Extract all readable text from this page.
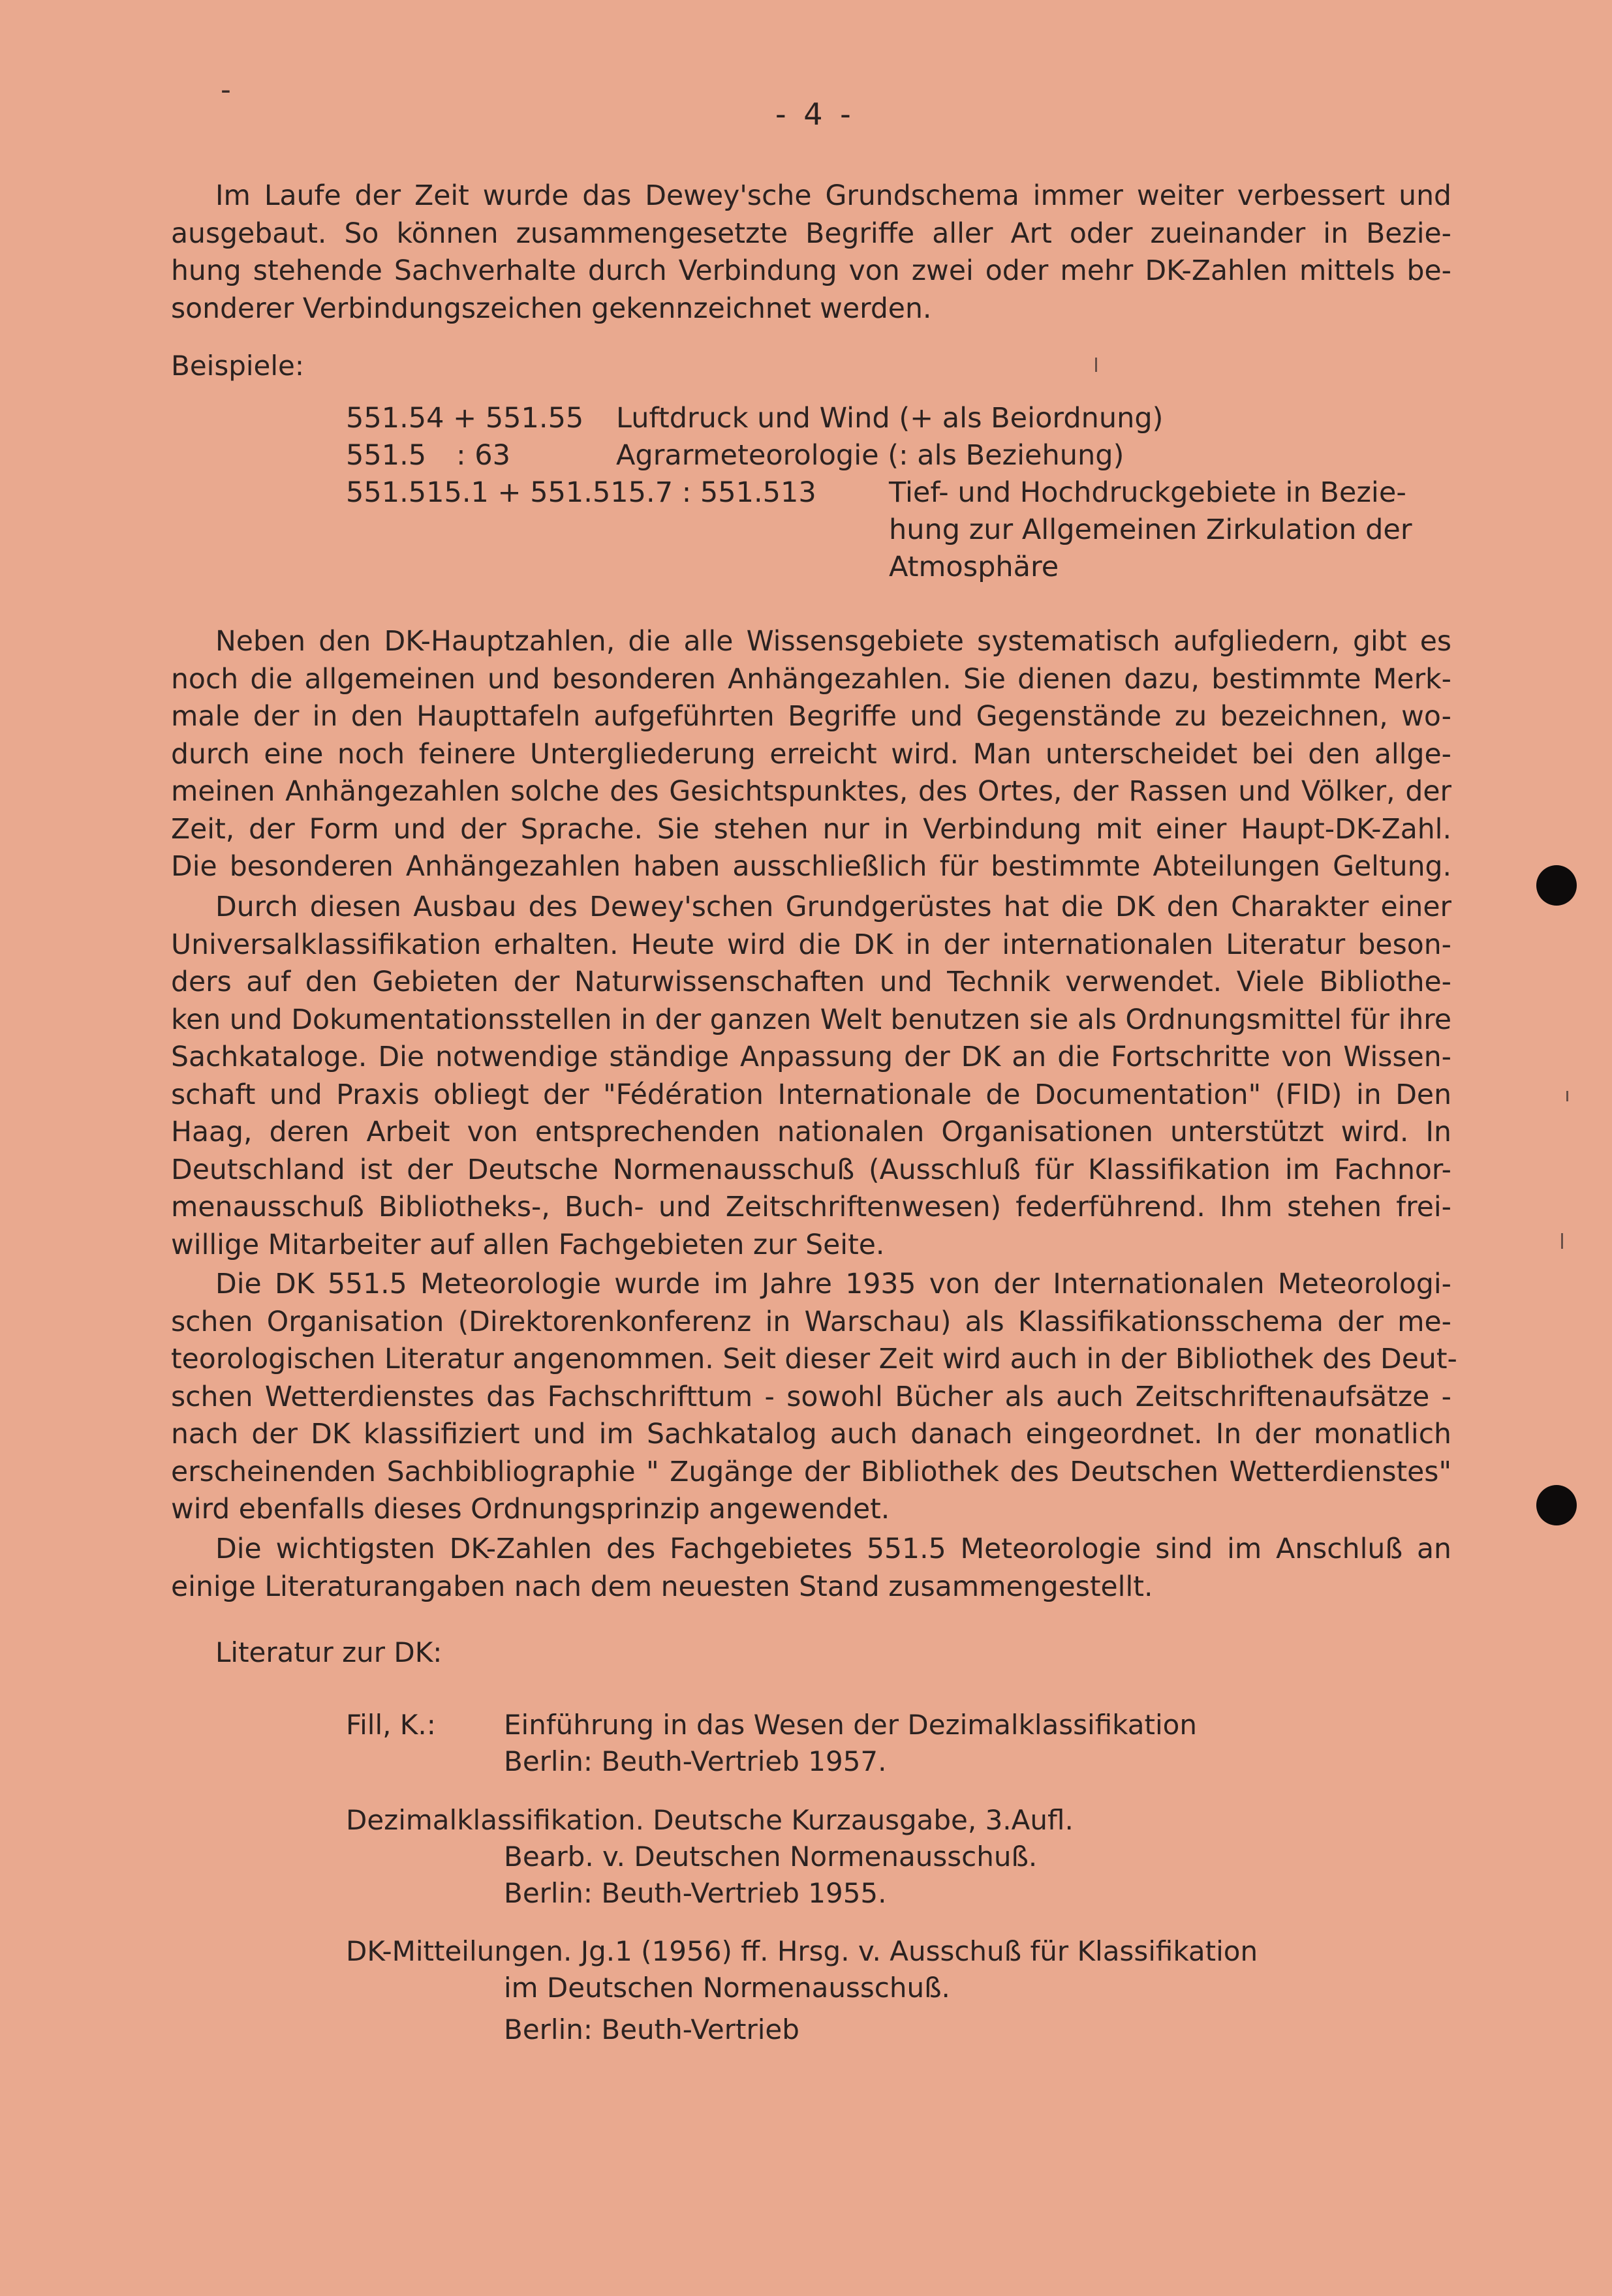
-
- 4 -
Im Laufe der Zeit wurde das Dewey'sche Grundschema immer weiter verbessert und
ausgebaut. So können zusammengesetzte Begriffe aller Art oder zueinander in Bezie-
hung stehende Sachverhalte durch Verbindung von zwei oder mehr DK-Zahlen mittels be-
sonderer Verbindungszeichen gekennzeichnet werden.
Beispiele:
551.54 + 551.55 Luftdruck und Wind (+ als Beiordnung)
551.5 : 63	Agrarmeteorologie (: als Beziehung)
551.515.1 + 551.515.7 : 551.513	Tief- und Hochdruckgebiete in Bezie-
hung zur Allgemeinen Zirkulation der
Atmosphäre
Neben den DK-Hauptzahlen, die alle Wissensgebiete systematisch aufgliedern, gibt es
noch die allgemeinen und besonderen Anhängezahlen. Sie dienen dazu, bestimmte Merk-
male der in den Haupttafeln aufgeführten Begriffe und Gegenstände zu bezeichnen, wo-
durch eine noch feinere Untergliederung erreicht wird. Man unterscheidet bei den allge-
meinen Anhängezahlen solche des Gesichtspunktes, des Ortes, der Rassen und Völker, der
Zeit, der Form und der Sprache. Sie stehen nur in Verbindung mit einer Haupt-DK-Zahl.
Die besonderen Anhängezahlen haben ausschließlich für bestimmte Abteilungen Geltung.
Durch diesen Ausbau des Dewey'schen Grundgerüstes hat die DK den Charakter einer
Universalklassifikation erhalten. Heute wird die DK in der internationalen Literatur beson-
ders auf den Gebieten der Naturwissenschaften und Technik verwendet. Viele Bibliothe-
ken und Dokumentationsstellen in der ganzen Welt benutzen sie als Ordnungsmittel für ihre
Sachkataloge. Die notwendige ständige Anpassung der DK an die Fortschritte von Wissen-
schaft und Praxis obliegt der "Fédération Internationale de Documentation" (FID) in Den
Haag, deren Arbeit von entsprechenden nationalen Organisationen unterstützt wird. In
Deutschland ist der Deutsche Normenausschuß (Ausschluß für Klassifikation im Fachnor-
menausschuß Bibliotheks-, Buch- und Zeitschriftenwesen) federführend. Ihm stehen frei-
willige Mitarbeiter auf allen Fachgebieten zur Seite.
Die DK 551.5 Meteorologie wurde im Jahre 1935 von der Internationalen Meteorologi-
schen Organisation (Direktorenkonferenz in Warschau) als Klassifikationsschema der me-
teorologischen Literatur angenommen. Seit dieser Zeit wird auch in der Bibliothek des Deut-
schen Wetterdienstes das Fachschrifttum - sowohl Bücher als auch Zeitschriftenaufsätze -
nach der DK klassifiziert und im Sachkatalog auch danach eingeordnet. In der monatlich
erscheinenden Sachbibliographie " Zugänge der Bibliothek des Deutschen Wetterdienstes"
wird ebenfalls dieses Ordnungsprinzip angewendet.
Die wichtigsten DK-Zahlen des Fachgebietes 551.5 Meteorologie sind im Anschluß an
einige Literaturangaben nach dem neuesten Stand zusammengestellt.
Literatur zur DK:
Fill, K.: Einführung in das Wesen der Dezimalklassifikation
Berlin: Beuth-Vertrieb 1957.
Dezimalklassifikation. Deutsche Kurzausgabe, 3.Aufl.
Bearb. v. Deutschen Normenausschuß.
Berlin: Beuth-Vertrieb 1955.
DK-Mitteilungen. Jg.1 (1956) ff. Hrsg. v. Ausschuß für Klassifikation
im Deutschen Normenausschuß.
Berlin: Beuth-Vertrieb
